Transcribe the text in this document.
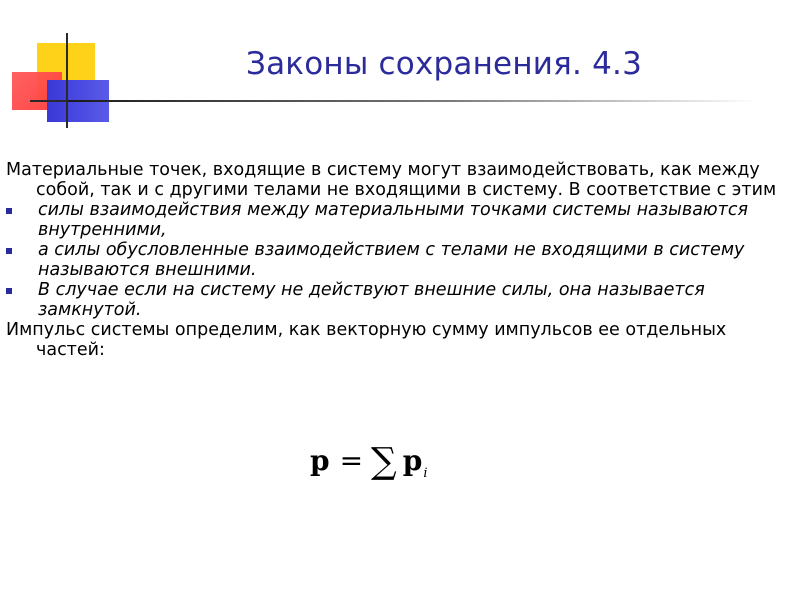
Законы сохранения. 4.3

Материальные точек, входящие в систему могут взаимодействовать, как между собой, так и с другими телами не входящими в систему. В соответствие с этим

силы взаимодействия между материальными точками системы называются внутренними,
а силы обусловленные взаимодействием с телами не входящими в систему называются внешними.
В случае если на систему не действуют внешние силы, она называется замкнутой.

Импульс системы определим, как векторную сумму импульсов ее отдельных частей:

p = ∑ p i
